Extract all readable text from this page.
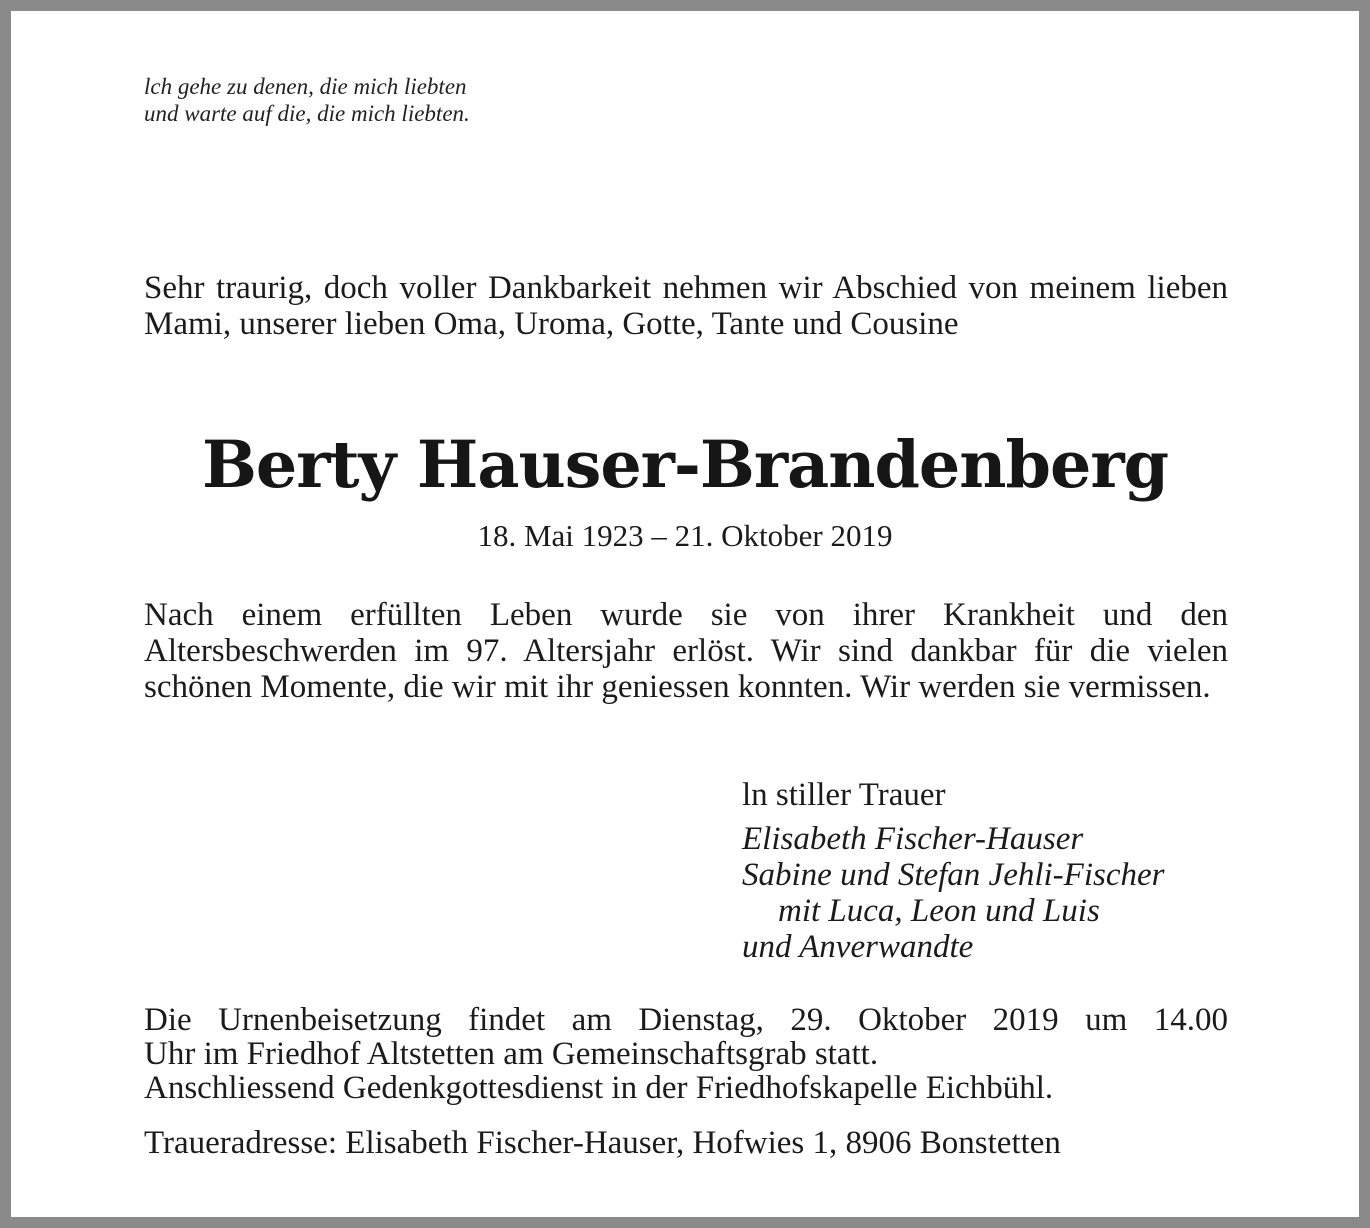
lch gehe zu denen, die mich liebten
und warte auf die, die mich liebten.
Sehr traurig, doch voller Dankbarkeit nehmen wir Abschied von meinem lieben Mami, unserer lieben Oma, Uroma, Gotte, Tante und Cousine
Berty Hauser-Brandenberg
18. Mai 1923 – 21. Oktober 2019
Nach einem erfüllten Leben wurde sie von ihrer Krankheit und den Altersbeschwerden im 97. Altersjahr erlöst. Wir sind dankbar für die vielen schönen Momente, die wir mit ihr geniessen konnten. Wir werden sie vermissen.
ln stiller Trauer
Elisabeth Fischer-Hauser
Sabine und Stefan Jehli-Fischer
mit Luca, Leon und Luis
und Anverwandte
Die Urnenbeisetzung findet am Dienstag, 29. Oktober 2019 um 14.00
Uhr im Friedhof Altstetten am Gemeinschaftsgrab statt.
Anschliessend Gedenkgottesdienst in der Friedhofskapelle Eichbühl.
Traueradresse: Elisabeth Fischer-Hauser, Hofwies 1, 8906 Bonstetten
